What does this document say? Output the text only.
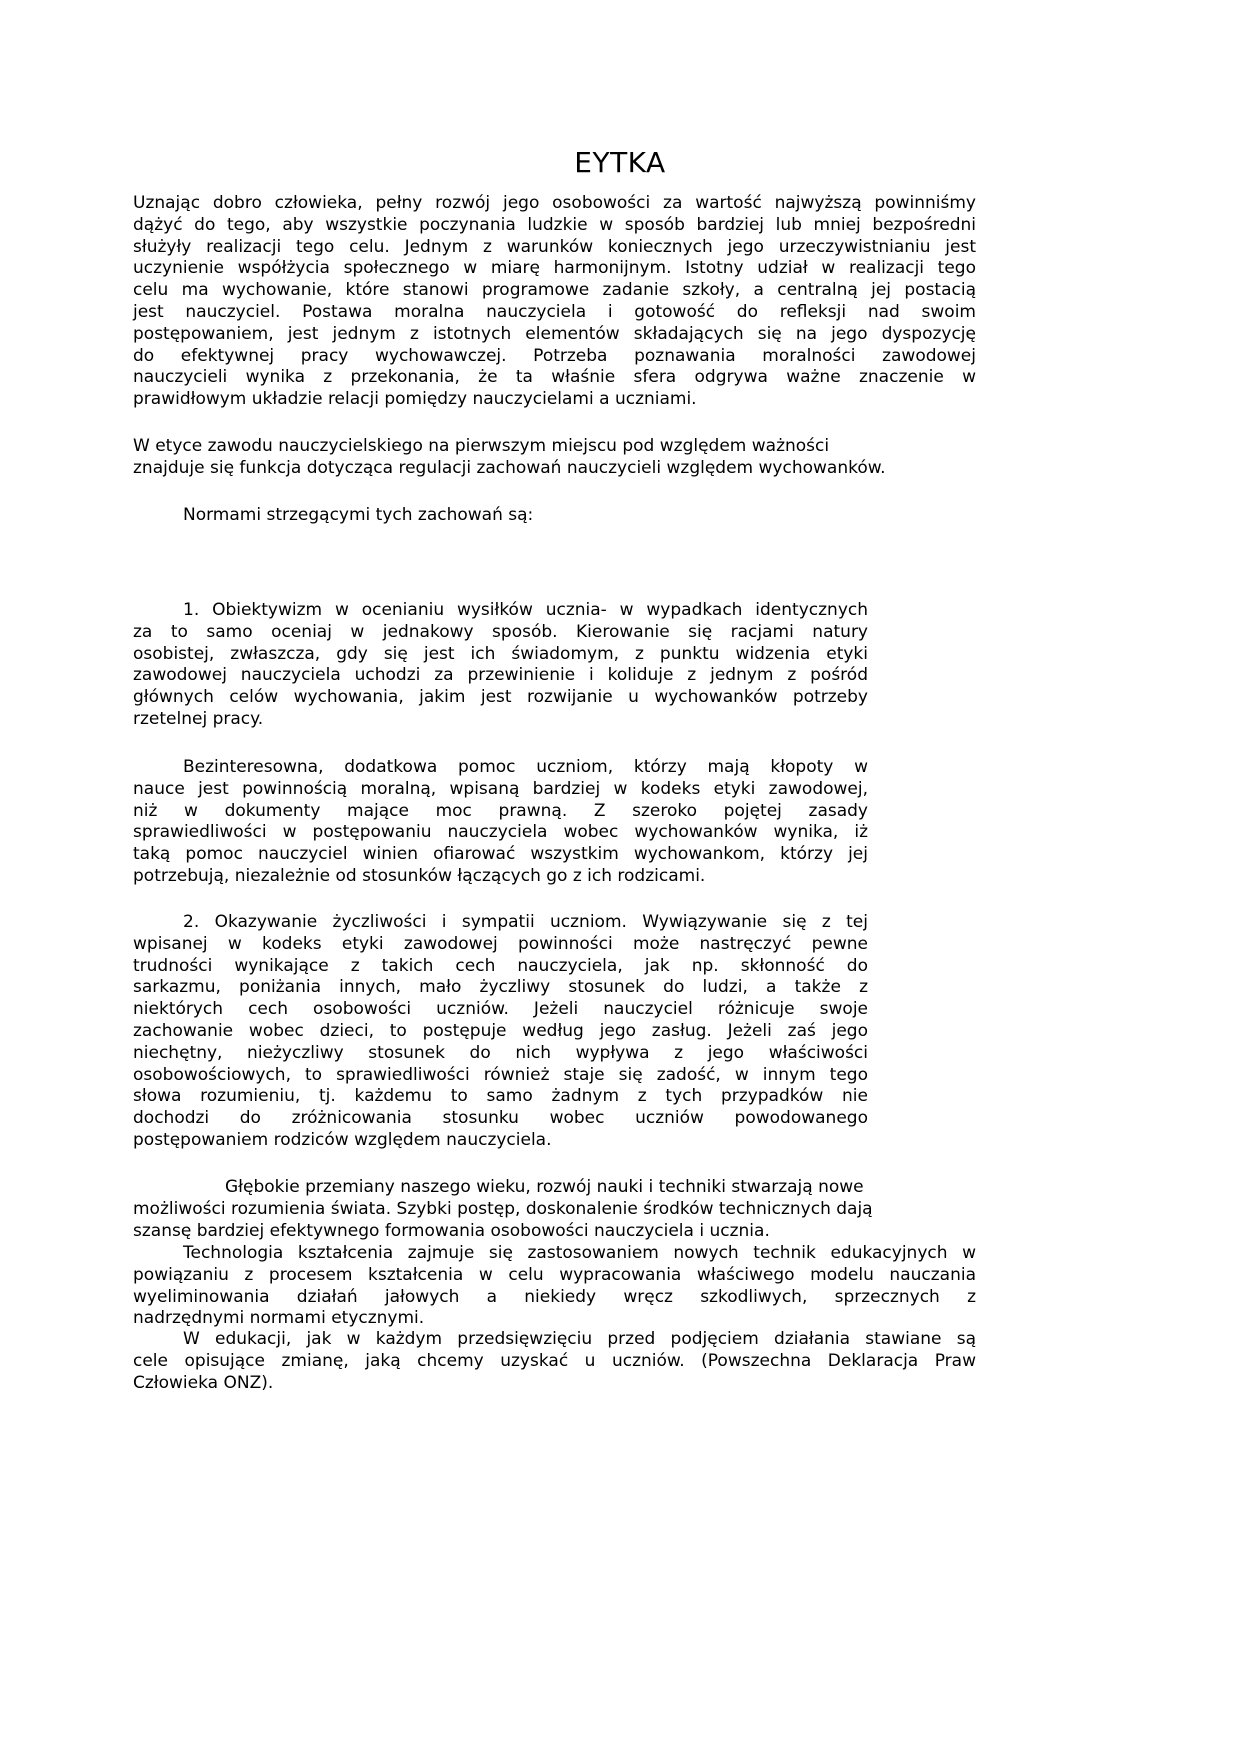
EYTKA
Uznając dobro człowieka, pełny rozwój jego osobowości za wartość najwyższą powinniśmy
dążyć do tego, aby wszystkie poczynania ludzkie w sposób bardziej lub mniej bezpośredni
służyły realizacji tego celu. Jednym z warunków koniecznych jego urzeczywistnianiu jest
uczynienie współżycia społecznego w miarę harmonijnym. Istotny udział w realizacji tego
celu ma wychowanie, które stanowi programowe zadanie szkoły, a centralną jej postacią
jest nauczyciel. Postawa moralna nauczyciela i gotowość do refleksji nad swoim
postępowaniem, jest jednym z istotnych elementów składających się na jego dyspozycję
do efektywnej pracy wychowawczej. Potrzeba poznawania moralności zawodowej
nauczycieli wynika z przekonania, że ta właśnie sfera odgrywa ważne znaczenie w
prawidłowym układzie relacji pomiędzy nauczycielami a uczniami.
W etyce zawodu nauczycielskiego na pierwszym miejscu pod względem ważności
znajduje się funkcja dotycząca regulacji zachowań nauczycieli względem wychowanków.
Normami strzegącymi tych zachowań są:
1. Obiektywizm w ocenianiu wysiłków ucznia- w wypadkach identycznych
za to samo oceniaj w jednakowy sposób. Kierowanie się racjami natury
osobistej, zwłaszcza, gdy się jest ich świadomym, z punktu widzenia etyki
zawodowej nauczyciela uchodzi za przewinienie i koliduje z jednym z pośród
głównych celów wychowania, jakim jest rozwijanie u wychowanków potrzeby
rzetelnej pracy.
Bezinteresowna, dodatkowa pomoc uczniom, którzy mają kłopoty w
nauce jest powinnością moralną, wpisaną bardziej w kodeks etyki zawodowej,
niż w dokumenty mające moc prawną. Z szeroko pojętej zasady
sprawiedliwości w postępowaniu nauczyciela wobec wychowanków wynika, iż
taką pomoc nauczyciel winien ofiarować wszystkim wychowankom, którzy jej
potrzebują, niezależnie od stosunków łączących go z ich rodzicami.
2. Okazywanie życzliwości i sympatii uczniom. Wywiązywanie się z tej
wpisanej w kodeks etyki zawodowej powinności może nastręczyć pewne
trudności wynikające z takich cech nauczyciela, jak np. skłonność do
sarkazmu, poniżania innych, mało życzliwy stosunek do ludzi, a także z
niektórych cech osobowości uczniów. Jeżeli nauczyciel różnicuje swoje
zachowanie wobec dzieci, to postępuje według jego zasług. Jeżeli zaś jego
niechętny, nieżyczliwy stosunek do nich wypływa z jego właściwości
osobowościowych, to sprawiedliwości również staje się zadość, w innym tego
słowa rozumieniu, tj. każdemu to samo żadnym z tych przypadków nie
dochodzi do zróżnicowania stosunku wobec uczniów powodowanego
postępowaniem rodziców względem nauczyciela.
Głębokie przemiany naszego wieku, rozwój nauki i techniki stwarzają nowe
możliwości rozumienia świata. Szybki postęp, doskonalenie środków technicznych dają
szansę bardziej efektywnego formowania osobowości nauczyciela i ucznia.
Technologia kształcenia zajmuje się zastosowaniem nowych technik edukacyjnych w
powiązaniu z procesem kształcenia w celu wypracowania właściwego modelu nauczania
wyeliminowania działań jałowych a niekiedy wręcz szkodliwych, sprzecznych z
nadrzędnymi normami etycznymi.
W edukacji, jak w każdym przedsięwzięciu przed podjęciem działania stawiane są
cele opisujące zmianę, jaką chcemy uzyskać u uczniów. (Powszechna Deklaracja Praw
Człowieka ONZ).
